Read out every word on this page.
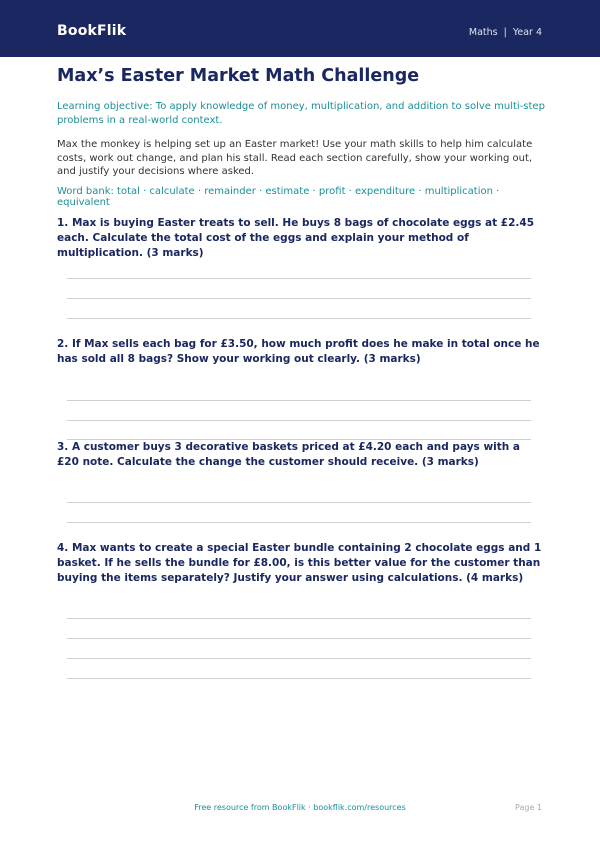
BookFlik	Maths | Year 4
Max’s Easter Market Math Challenge
Learning objective: To apply knowledge of money, multiplication, and addition to solve multi-step problems in a real-world context.
Max the monkey is helping set up an Easter market! Use your math skills to help him calculate costs, work out change, and plan his stall. Read each section carefully, show your working out, and justify your decisions where asked.
Word bank: total · calculate · remainder · estimate · profit · expenditure · multiplication · equivalent

1. Max is buying Easter treats to sell. He buys 8 bags of chocolate eggs at £2.45 each. Calculate the total cost of the eggs and explain your method of multiplication. (3 marks)

2. If Max sells each bag for £3.50, how much profit does he make in total once he has sold all 8 bags? Show your working out clearly. (3 marks)

3. A customer buys 3 decorative baskets priced at £4.20 each and pays with a £20 note. Calculate the change the customer should receive. (3 marks)

4. Max wants to create a special Easter bundle containing 2 chocolate eggs and 1 basket. If he sells the bundle for £8.00, is this better value for the customer than buying the items separately? Justify your answer using calculations. (4 marks)

Free resource from BookFlik · bookflik.com/resources	Page 1
